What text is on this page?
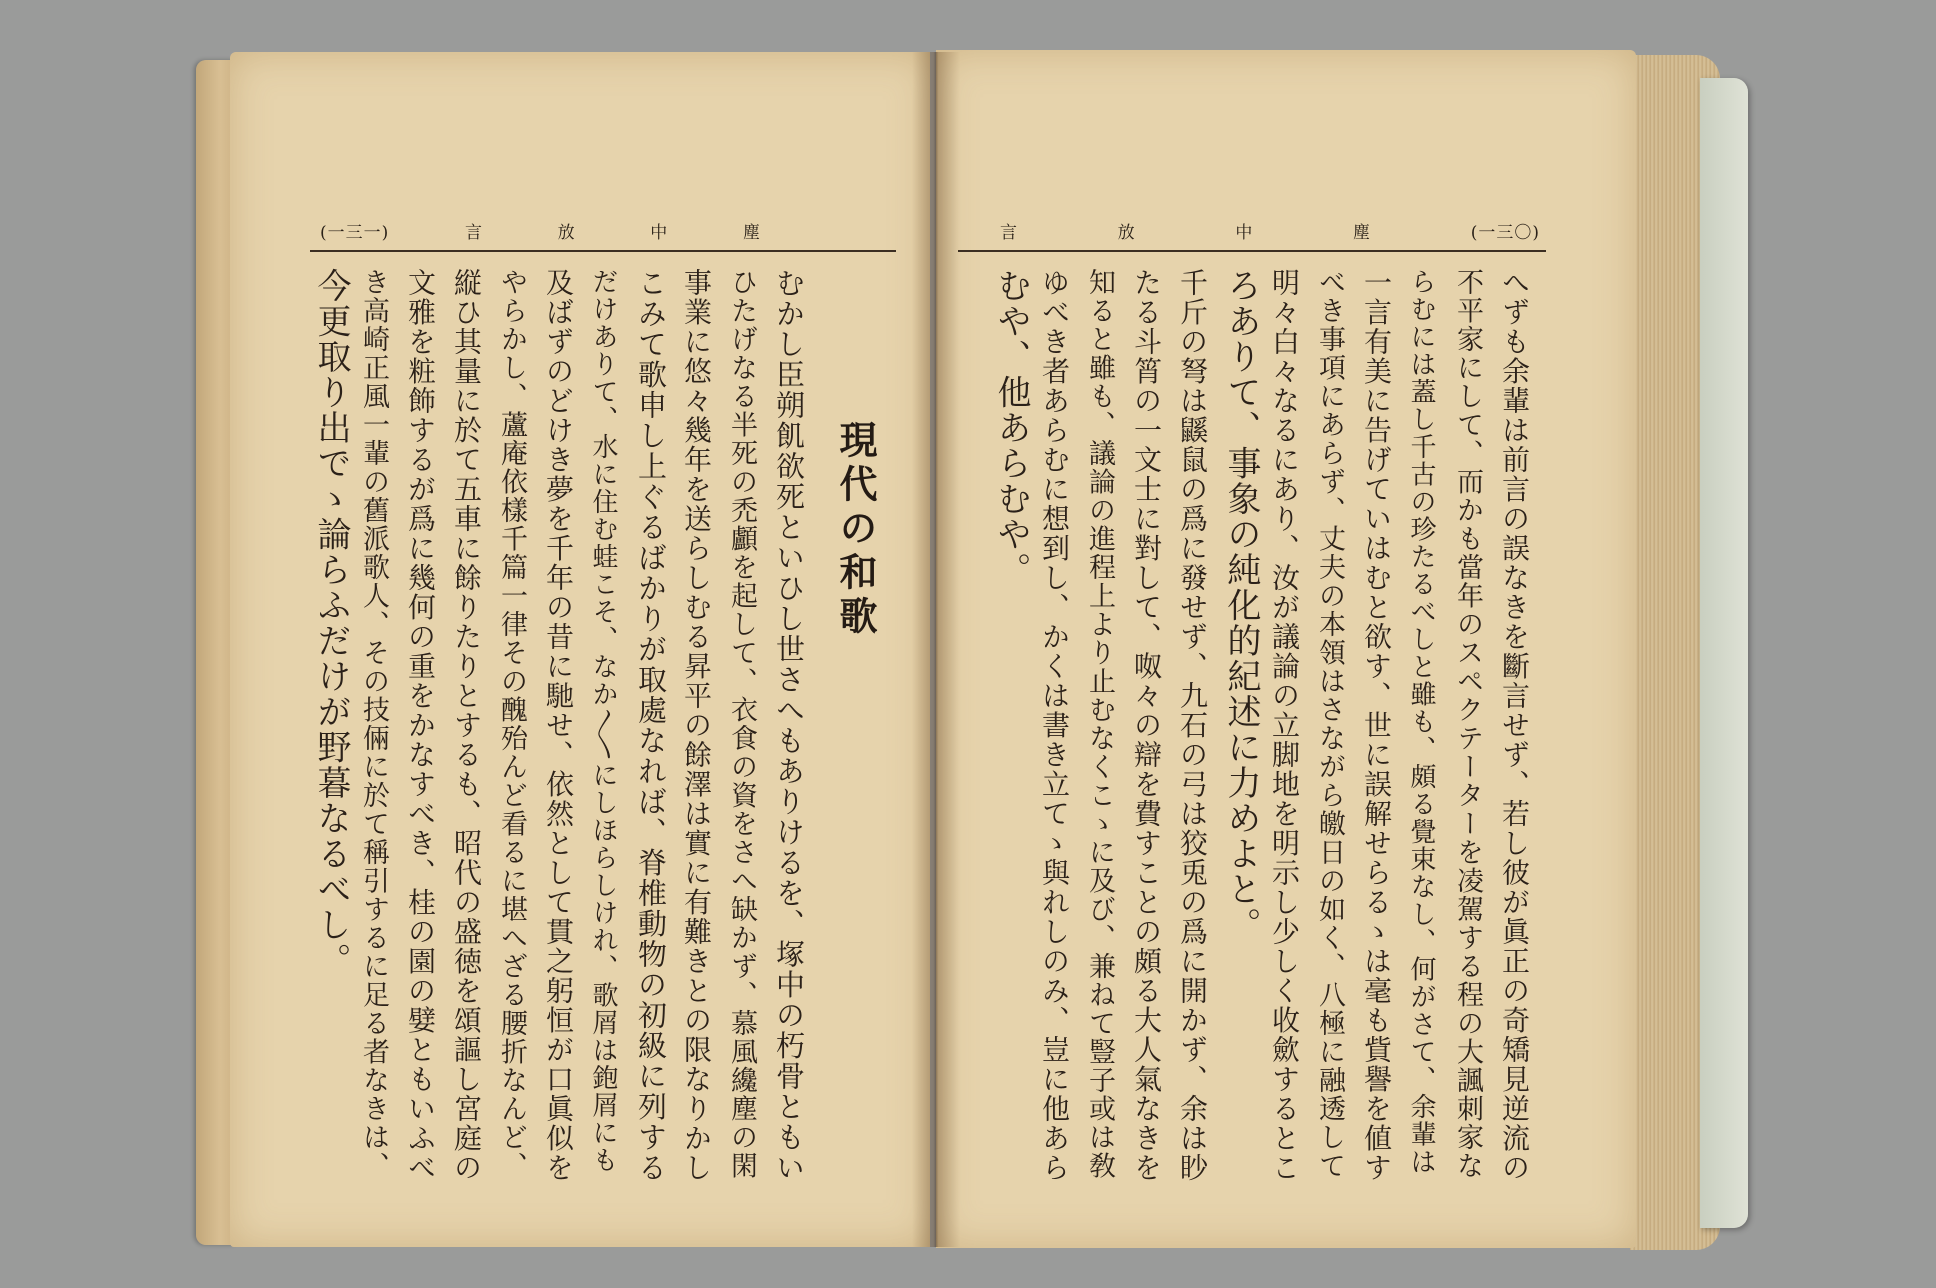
(一三一)	言	放	中	塵	言	放	中	塵	(一三〇)
現代の和歌
むかし臣朔飢欲死といひし世さへもありけるを、塚中の朽骨ともい
ひたげなる半死の禿顱を起して、衣食の資をさへ缺かず、慕風纔塵の閑
事業に悠々幾年を送らしむる昇平の餘澤は實に有難きとの限なりかし
こみて歌申し上ぐるばかりが取處なれば、脊椎動物の初級に列する
だけありて、水に住む蛙こそ、なか〳〵にしほらしけれ、歌屑は鉋屑にも
及ばずのどけき夢を千年の昔に馳せ、依然として貫之躬恒が口眞似を
やらかし、蘆庵依樣千篇一律その醜殆んど看るに堪へざる腰折なんど、
縦ひ其量に於て五車に餘りたりとするも、昭代の盛徳を頌謳し宮庭の
文雅を粧飾するが爲に幾何の重をかなすべき、桂の園の嬖ともいふべ
き高崎正風一輩の舊派歌人、その技倆に於て稱引するに足る者なきは、
今更取り出でゝ論らふだけが野暮なるべし。	へずも余輩は前言の誤なきを斷言せず、若し彼が眞正の奇矯見逆流の
不平家にして、而かも當年のスペクテーターを凌駕する程の大諷刺家な
らむには蓋し千古の珍たるべしと雖も、頗る覺束なし、何がさて、余輩は
一言有美に告げていはむと欲す、世に誤解せらるゝは毫も貲譽を値す
べき事項にあらず、丈夫の本領はさながら皦日の如く、八極に融透して
明々白々なるにあり、汝が議論の立脚地を明示し少しく收歛するとこ
ろありて、事象の純化的紀述に力めよと。
千斤の弩は鼷鼠の爲に發せず、九石の弓は狡兎の爲に開かず、余は眇
たる斗筲の一文士に對して、呶々の辯を費すことの頗る大人氣なきを
知ると雖も、議論の進程上より止むなくこゝに及び、兼ねて豎子或は敎
ゆべき者あらむに想到し、かくは書き立てゝ與れしのみ、豈に他あら
むや、他あらむや。
